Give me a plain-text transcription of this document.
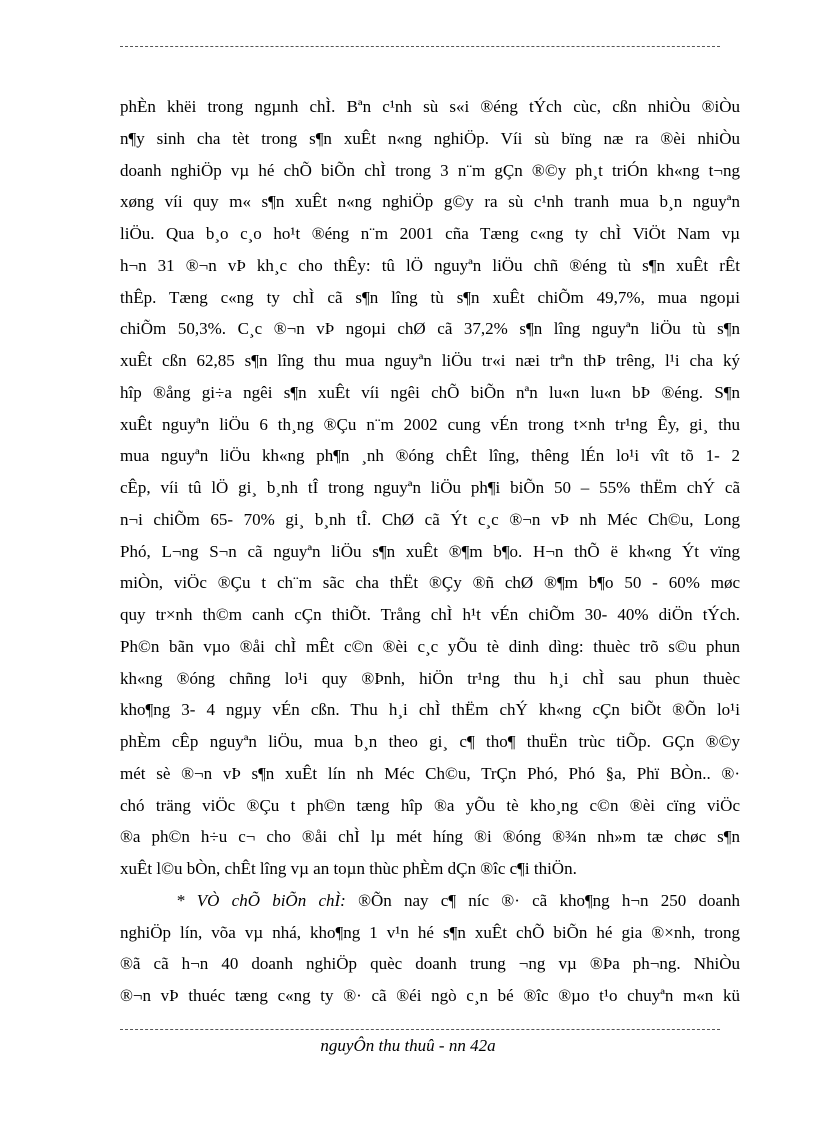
phÈn khëi trong ngµnh chÌ. Bªn c¹nh sù s«i ®éng tÝch cùc, cßn nhiÒu ®iÒu
n¶y sinh cha tèt trong s¶n xuÊt n«ng nghiÖp. Víi sù bïng næ ra ®èi nhiÒu
doanh nghiÖp vµ hé chÕ biÕn chÌ trong 3 n¨m gÇn ®©y ph¸t triÓn kh«ng t¬ng
xøng víi quy m« s¶n xuÊt n«ng nghiÖp g©y ra sù c¹nh tranh mua b¸n nguyªn
liÖu. Qua b¸o c¸o ho¹t ®éng n¨m 2001 cña Tæng c«ng ty chÌ ViÖt Nam vµ
h¬n 31 ®¬n vÞ kh¸c cho thÊy: tû lÖ nguyªn liÖu chñ ®éng tù s¶n xuÊt rÊt
thÊp. Tæng c«ng ty chÌ cã s¶n lîng tù s¶n xuÊt chiÕm 49,7%, mua ngoµi
chiÕm 50,3%. C¸c ®¬n vÞ ngoµi chØ cã 37,2% s¶n lîng nguyªn liÖu tù s¶n
xuÊt cßn 62,85 s¶n lîng thu mua nguyªn liÖu tr«i næi trªn thÞ trêng, l¹i cha ký
hîp ®ång gi÷a ngêi s¶n xuÊt víi ngêi chÕ biÕn nªn lu«n lu«n bÞ ®éng. S¶n
xuÊt nguyªn liÖu 6 th¸ng ®Çu n¨m 2002 cung vÉn trong t×nh tr¹ng Êy, gi¸ thu
mua nguyªn liÖu kh«ng ph¶n ¸nh ®óng chÊt lîng, thêng lÉn lo¹i vît tõ 1- 2
cÊp, víi tû lÖ gi¸ b¸nh tÎ trong nguyªn liÖu ph¶i biÕn 50 – 55% thËm chÝ cã
n¬i chiÕm 65- 70% gi¸ b¸nh tÎ. ChØ cã Ýt c¸c ®¬n vÞ nh Méc Ch©u, Long
Phó, L¬ng S¬n cã nguyªn liÖu s¶n xuÊt ®¶m b¶o. H¬n thÕ ë kh«ng Ýt vïng
miÒn, viÖc ®Çu t ch¨m sãc cha thËt ®Çy ®ñ chØ ®¶m b¶o 50 - 60% møc
quy tr×nh th©m canh cÇn thiÕt. Trång chÌ h¹t vÉn chiÕm 30- 40% diÖn tÝch.
Ph©n bãn vµo ®åi chÌ mÊt c©n ®èi c¸c yÕu tè dinh dìng: thuèc trõ s©u phun
kh«ng ®óng chñng lo¹i quy ®Þnh, hiÖn tr¹ng thu h¸i chÌ sau phun thuèc
kho¶ng 3- 4 ngµy vÉn cßn. Thu h¸i chÌ thËm chÝ kh«ng cÇn biÕt ®Õn lo¹i
phÈm cÊp nguyªn liÖu, mua b¸n theo gi¸ c¶ tho¶ thuËn trùc tiÕp. GÇn ®©y
mét sè ®¬n vÞ s¶n xuÊt lín nh Méc Ch©u, TrÇn Phó, Phó §a, Phï BÒn.. ®·
chó träng viÖc ®Çu t ph©n tæng hîp ®a yÕu tè kho¸ng c©n ®èi cïng viÖc
®a ph©n h÷u c¬ cho ®åi chÌ lµ mét híng ®i ®óng ®¾n nh»m tæ chøc s¶n
xuÊt l©u bÒn, chÊt lîng vµ an toµn thùc phÈm dÇn ®îc c¶i thiÖn.
* VÒ chÕ biÕn chÌ: ®Õn nay c¶ níc ®· cã kho¶ng h¬n 250 doanh
nghiÖp lín, võa vµ nhá, kho¶ng 1 v¹n hé s¶n xuÊt chÕ biÕn hé gia ®×nh, trong
®ã cã h¬n 40 doanh nghiÖp quèc doanh trung ¬ng vµ ®Þa ph¬ng. NhiÒu
®¬n vÞ thuéc tæng c«ng ty ®· cã ®éi ngò c¸n bé ®îc ®µo t¹o chuyªn m«n kü
nguyÔn thu thuû - nn 42a
